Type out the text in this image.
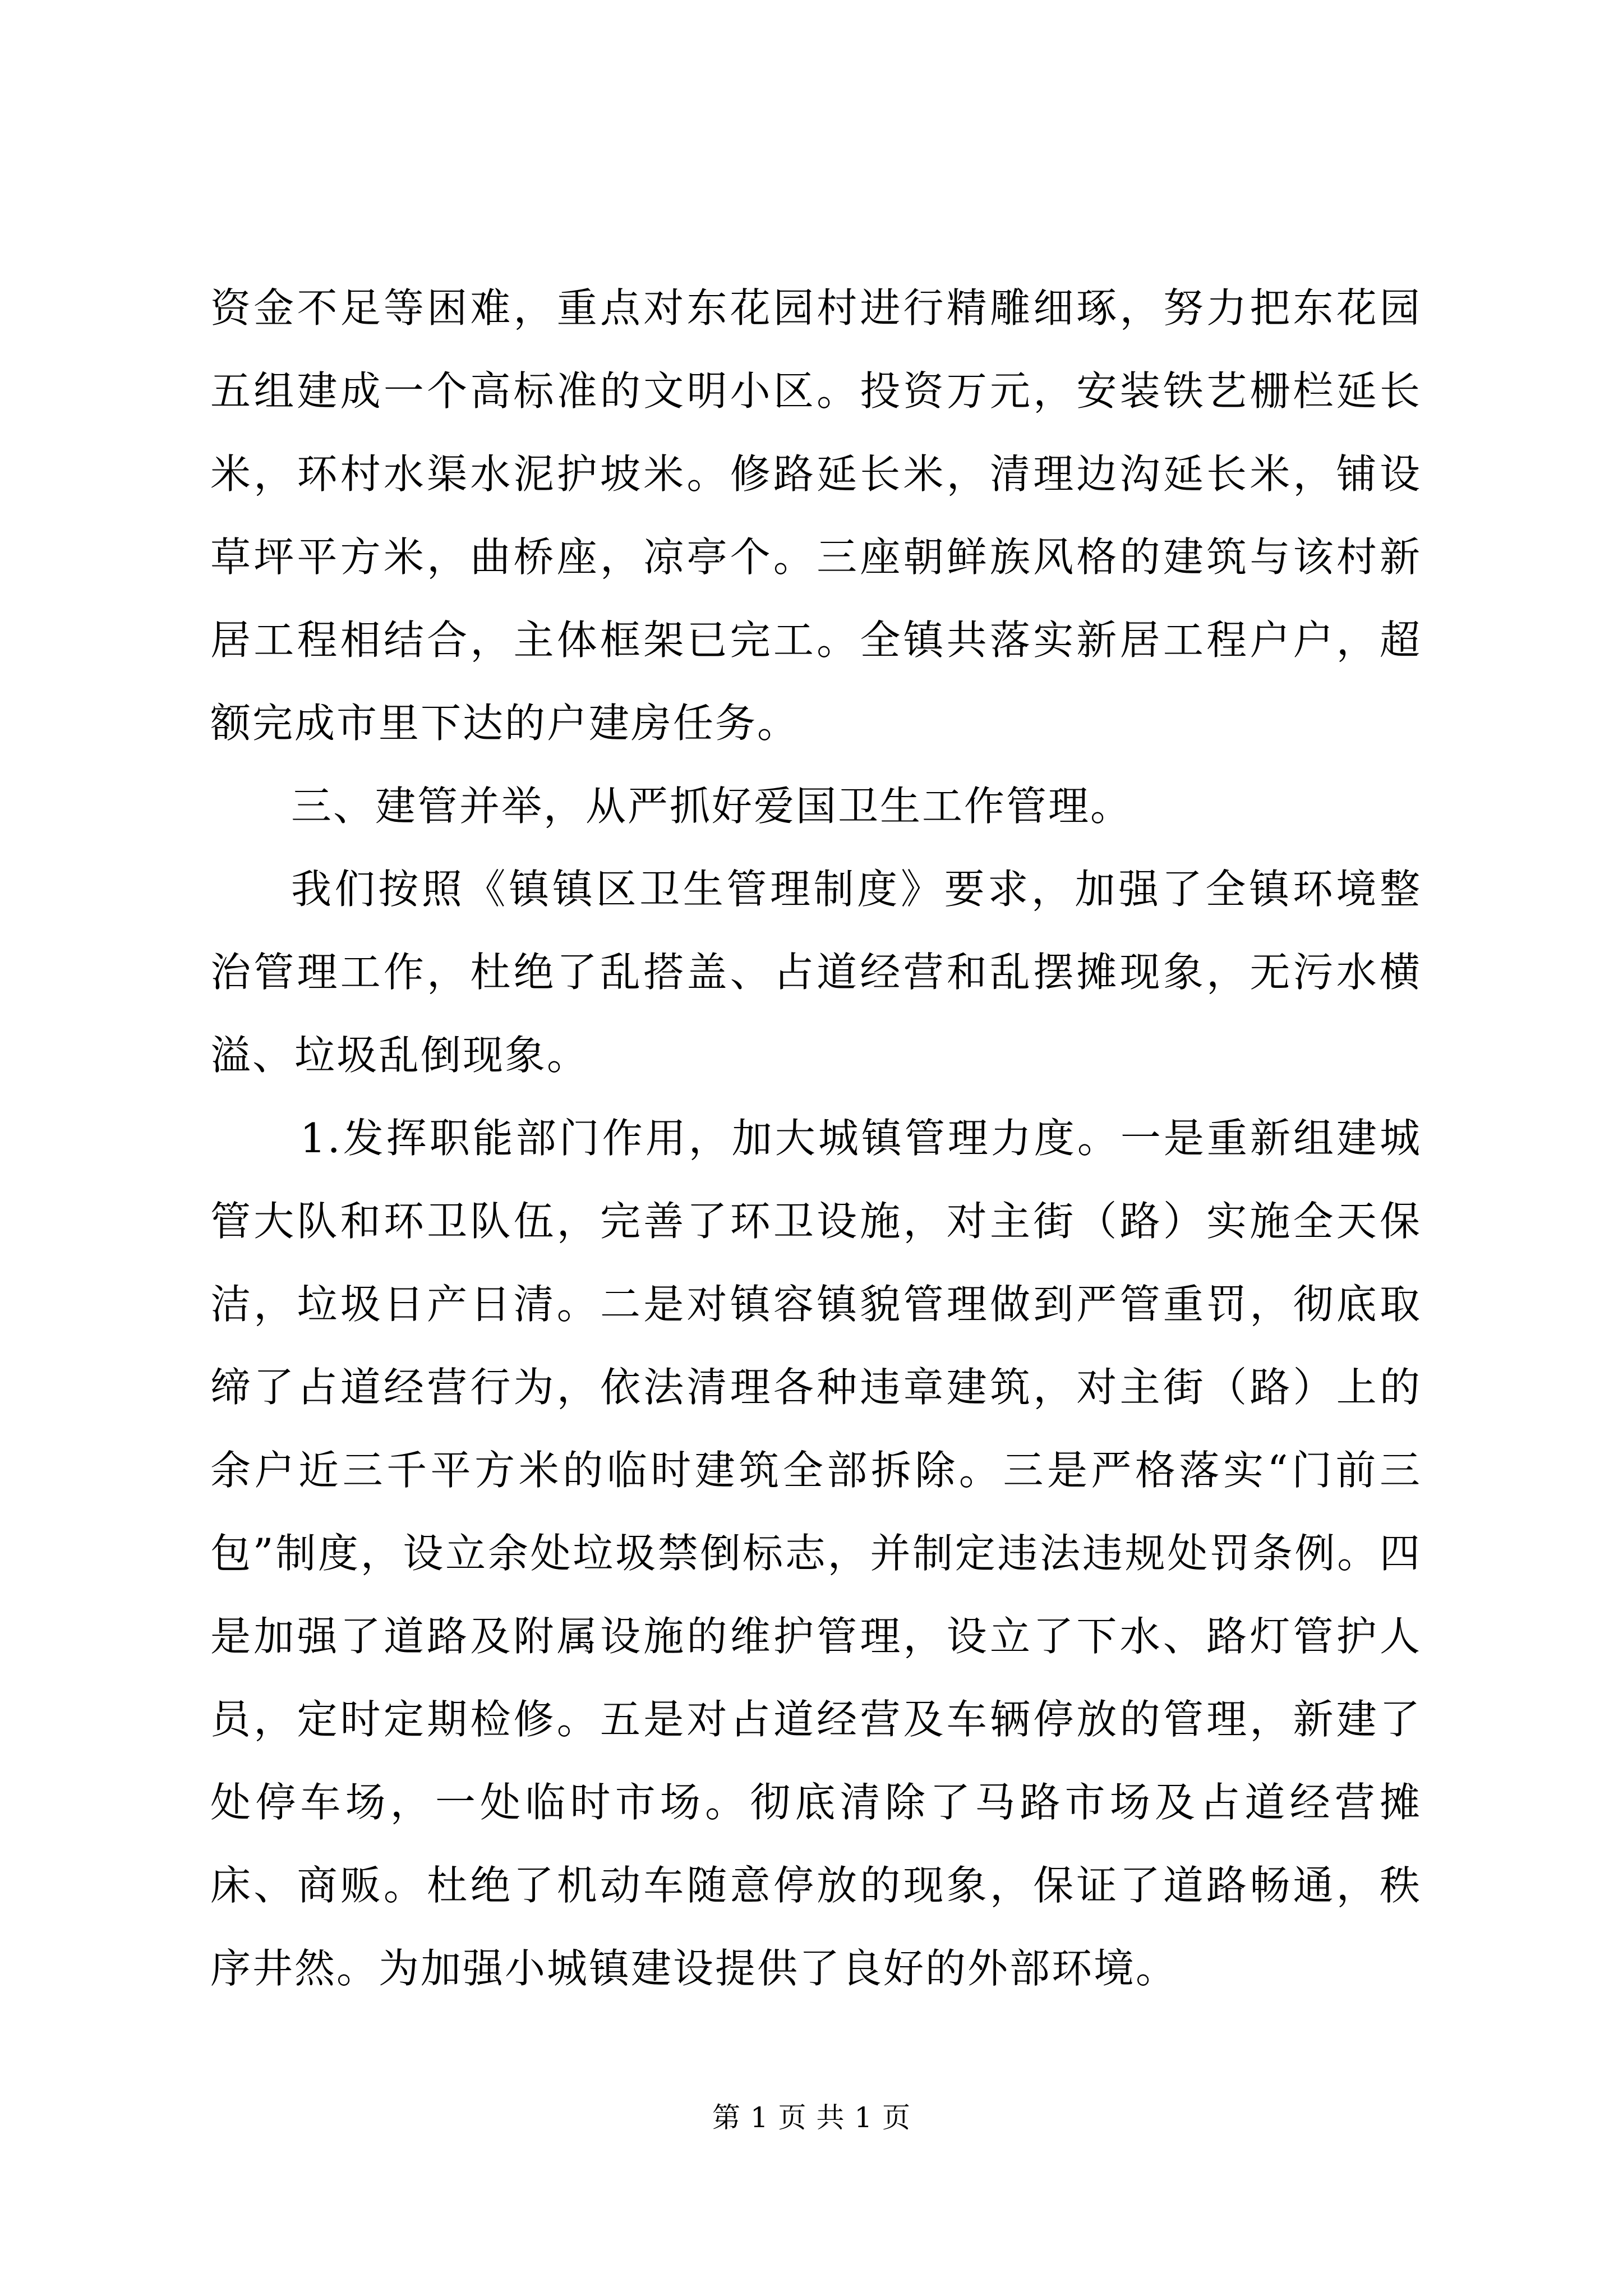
资金不足等困难，重点对东花园村进行精雕细琢，努力把东花园五组建成一个高标准的文明小区。投资万元，安装铁艺栅栏延长米，环村水渠水泥护坡米。修路延长米，清理边沟延长米，铺设草坪平方米，曲桥座，凉亭个。三座朝鲜族风格的建筑与该村新居工程相结合，主体框架已完工。全镇共落实新居工程户户，超额完成市里下达的户建房任务。

三、建管并举，从严抓好爱国卫生工作管理。

我们按照《镇镇区卫生管理制度》要求，加强了全镇环境整治管理工作，杜绝了乱搭盖、占道经营和乱摆摊现象，无污水横溢、垃圾乱倒现象。

1.发挥职能部门作用，加大城镇管理力度。一是重新组建城管大队和环卫队伍，完善了环卫设施，对主街（路）实施全天保洁，垃圾日产日清。二是对镇容镇貌管理做到严管重罚，彻底取缔了占道经营行为，依法清理各种违章建筑，对主街（路）上的余户近三千平方米的临时建筑全部拆除。三是严格落实“门前三包”制度，设立余处垃圾禁倒标志，并制定违法违规处罚条例。四是加强了道路及附属设施的维护管理，设立了下水、路灯管护人员，定时定期检修。五是对占道经营及车辆停放的管理，新建了处停车场，一处临时市场。彻底清除了马路市场及占道经营摊床、商贩。杜绝了机动车随意停放的现象，保证了道路畅通，秩序井然。为加强小城镇建设提供了良好的外部环境。

第 1 页 共 1 页
